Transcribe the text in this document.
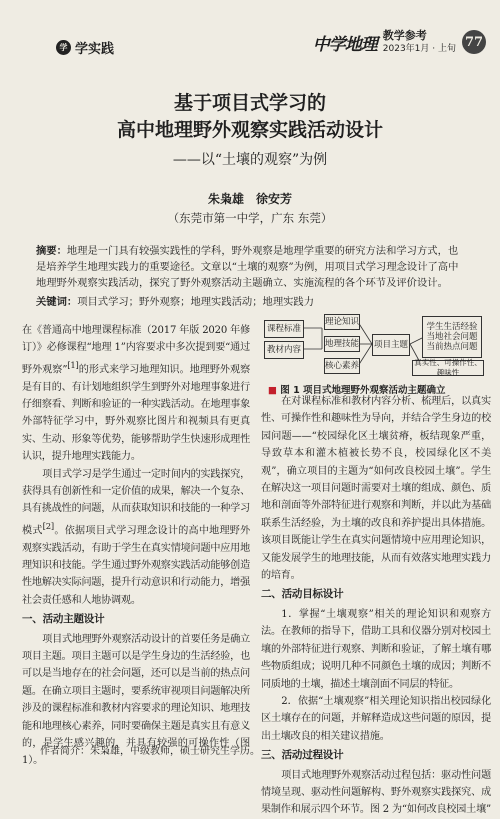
学 学实践	中学地理 教学参考
2023年1月 · 上旬 77
基于项目式学习的
高中地理野外观察实践活动设计
——以“土壤的观察”为例
朱枭雄　徐安芳
（东莞市第一中学，广东 东莞）
摘要：地理是一门具有较强实践性的学科，野外观察是地理学重要的研究方法和学习方式，也是培养学生地理实践力的重要途径。文章以“土壤的观察”为例，用项目式学习理念设计了高中地理野外观察实践活动，探究了野外观察活动主题确立、实施流程的各个环节及评价设计。
关键词：项目式学习；野外观察；地理实践活动；地理实践力

在《普通高中地理课程标准（2017 年版 2020 年修订）》必修课程“地理 1”内容要求中多次提到要“通过野外观察”[1]的形式来学习地理知识。地理野外观察是有目的、有计划地组织学生到野外对地理事象进行仔细察看、判断和验证的一种实践活动。在地理事象外部特征学习中，野外观察比图片和视频具有更真实、生动、形象等优势，能够帮助学生快速形成理性认识，提升地理实践能力。

项目式学习是学生通过一定时间内的实践探究，获得具有创新性和一定价值的成果，解决一个复杂、具有挑战性的问题，从而获取知识和技能的一种学习模式[2]。依据项目式学习理念设计的高中地理野外观察实践活动，有助于学生在真实情境问题中应用地理知识和技能。学生通过野外观察实践活动能够创造性地解决实际问题，提升行动意识和行动能力，增强社会责任感和人地协调观。

一、活动主题设计

项目式地理野外观察活动设计的首要任务是确立项目主题。项目主题可以是学生身边的生活经验，也可以是当地存在的社会问题，还可以是当前的热点问题。在确立项目主题时，要系统审视项目问题解决所涉及的课程标准和教材内容要求的理论知识、地理技能和地理核心素养，同时要确保主题是真实且有意义的，是学生感兴趣的，并具有较强的可操作性（图 1）。

课程标准
教材内容
理论知识
地理技能
核心素养
项目主题
学生生活经验
当地社会问题
当前热点问题
真实性、可操作性、趣味性
■ 图 1 项目式地理野外观察活动主题确立

在对课程标准和教材内容分析、梳理后，以真实性、可操作性和趣味性为导向，并结合学生身边的校园问题——“校园绿化区土壤贫瘠，板结现象严重，导致草本和灌木植被长势不良，校园绿化区不美观”，确立项目的主题为“如何改良校园土壤”。学生在解决这一项目问题时需要对土壤的组成、颜色、质地和剖面等外部特征进行观察和判断，并以此为基础联系生活经验，为土壤的改良和养护提出具体措施。该项目既能让学生在真实问题情境中应用理论知识，又能发展学生的地理技能，从而有效落实地理实践力的培育。

二、活动目标设计

1．掌握“土壤观察”相关的理论知识和观察方法。在教师的指导下，借助工具和仪器分别对校园土壤的外部特征进行观察、判断和验证，了解土壤有哪些物质组成；说明几种不同颜色土壤的成因；判断不同质地的土壤，描述土壤剖面不同层的特征。

2．依据“土壤观察”相关理论知识指出校园绿化区土壤存在的问题，并解释造成这些问题的原因，提出土壤改良的相关建议措施。

三、活动过程设计

项目式地理野外观察活动过程包括：驱动性问题情境呈现、驱动性问题解构、野外观察实践探究、成果制作和展示四个环节。图 2 为“如何改良校园土壤”

作者简介：朱枭雄，中级教师，硕士研究生学历。
